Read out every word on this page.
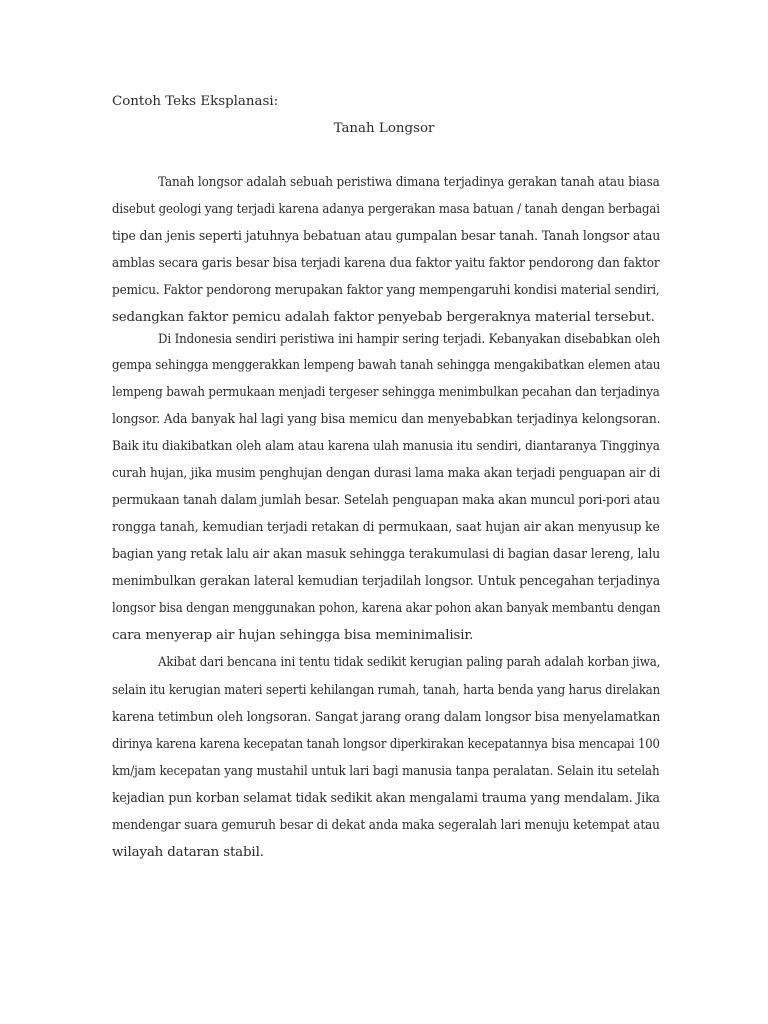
Contoh Teks Eksplanasi:
Tanah Longsor
Tanah longsor adalah sebuah peristiwa dimana terjadinya gerakan tanah atau biasa
disebut geologi yang terjadi karena adanya pergerakan masa batuan / tanah dengan berbagai
tipe dan jenis seperti jatuhnya bebatuan atau gumpalan besar tanah. Tanah longsor atau
amblas secara garis besar bisa terjadi karena dua faktor yaitu faktor pendorong dan faktor
pemicu. Faktor pendorong merupakan faktor yang mempengaruhi kondisi material sendiri,
sedangkan faktor pemicu adalah faktor penyebab bergeraknya material tersebut.
Di Indonesia sendiri peristiwa ini hampir sering terjadi. Kebanyakan disebabkan oleh
gempa sehingga menggerakkan lempeng bawah tanah sehingga mengakibatkan elemen atau
lempeng bawah permukaan menjadi tergeser sehingga menimbulkan pecahan dan terjadinya
longsor. Ada banyak hal lagi yang bisa memicu dan menyebabkan terjadinya kelongsoran.
Baik itu diakibatkan oleh alam atau karena ulah manusia itu sendiri, diantaranya Tingginya
curah hujan, jika musim penghujan dengan durasi lama maka akan terjadi penguapan air di
permukaan tanah dalam jumlah besar. Setelah penguapan maka akan muncul pori-pori atau
rongga tanah, kemudian terjadi retakan di permukaan, saat hujan air akan menyusup ke
bagian yang retak lalu air akan masuk sehingga terakumulasi di bagian dasar lereng, lalu
menimbulkan gerakan lateral kemudian terjadilah longsor. Untuk pencegahan terjadinya
longsor bisa dengan menggunakan pohon, karena akar pohon akan banyak membantu dengan
cara menyerap air hujan sehingga bisa meminimalisir.
Akibat dari bencana ini tentu tidak sedikit kerugian paling parah adalah korban jiwa,
selain itu kerugian materi seperti kehilangan rumah, tanah, harta benda yang harus direlakan
karena tetimbun oleh longsoran. Sangat jarang orang dalam longsor bisa menyelamatkan
dirinya karena karena kecepatan tanah longsor diperkirakan kecepatannya bisa mencapai 100
km/jam kecepatan yang mustahil untuk lari bagi manusia tanpa peralatan. Selain itu setelah
kejadian pun korban selamat tidak sedikit akan mengalami trauma yang mendalam. Jika
mendengar suara gemuruh besar di dekat anda maka segeralah lari menuju ketempat atau
wilayah dataran stabil.
